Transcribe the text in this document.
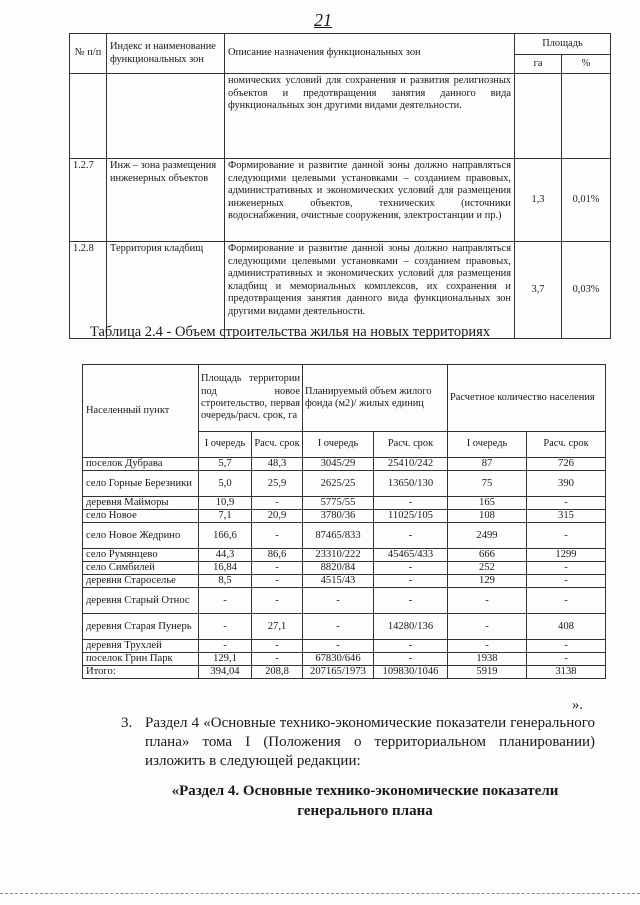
21
№ п/п	Индекс и наименование функциональных зон	Описание назначения функциональных зон	Площадь	
			га	%
		номических условий для сохранения и развития религиозных объектов и предотвращения занятия данного вида функциональных зон другими видами деятельности.		
1.2.7	Инж – зона размещения инженерных объектов	Формирование и развитие данной зоны должно направляться следующими целевыми установками – созданием правовых, административных и экономических условий для размещения инженерных объектов, технических (источники водоснабжения, очистные сооружения, электростанции и пр.)	1,3	0,01%
1.2.8	Территория кладбищ	Формирование и развитие данной зоны должно направляться следующими целевыми установками – созданием правовых, административных и экономических условий для размещения кладбищ и мемориальных комплексов, их сохранения и предотвращения занятия данного вида функциональных зон другими видами деятельности.	3,7	0,03%
Таблица 2.4 - Объем строительства жилья на новых территориях
Населенный пункт	Площадь территории под новое строительство, первая очередь/расч. срок, га		Планируемый объем жилого фонда (м2)/ жилых единиц		Расчетное количество населения	
	I очередь	Расч. срок	I очередь	Расч. срок	I очередь	Расч. срок
поселок Дубрава	5,7	48,3	3045/29	25410/242	87	726
село Горные Березники	5,0	25,9	2625/25	13650/130	75	390
деревня Майморы	10,9	-	5775/55	-	165	-
село Новое	7,1	20,9	3780/36	11025/105	108	315
село Новое Жедрино	166,6	-	87465/833	-	2499	-
село Румянцево	44,3	86,6	23310/222	45465/433	666	1299
село Симбилей	16,84	-	8820/84	-	252	-
деревня Староселье	8,5	-	4515/43	-	129	-
деревня Старый Относ	-	-	-	-	-	-
деревня Старая Пунерь	-	27,1	-	14280/136	-	408
деревня Трухлей	-	-	-	-	-	-
поселок Грин Парк	129,1	-	67830/646	-	1938	-
Итого:	394,04	208,8	207165/1973	109830/1046	5919	3138
».
3. Раздел 4 «Основные технико-экономические показатели генерального плана» тома I (Положения о территориальном планировании) изложить в следующей редакции:
«Раздел 4. Основные технико-экономические показатели генерального плана
